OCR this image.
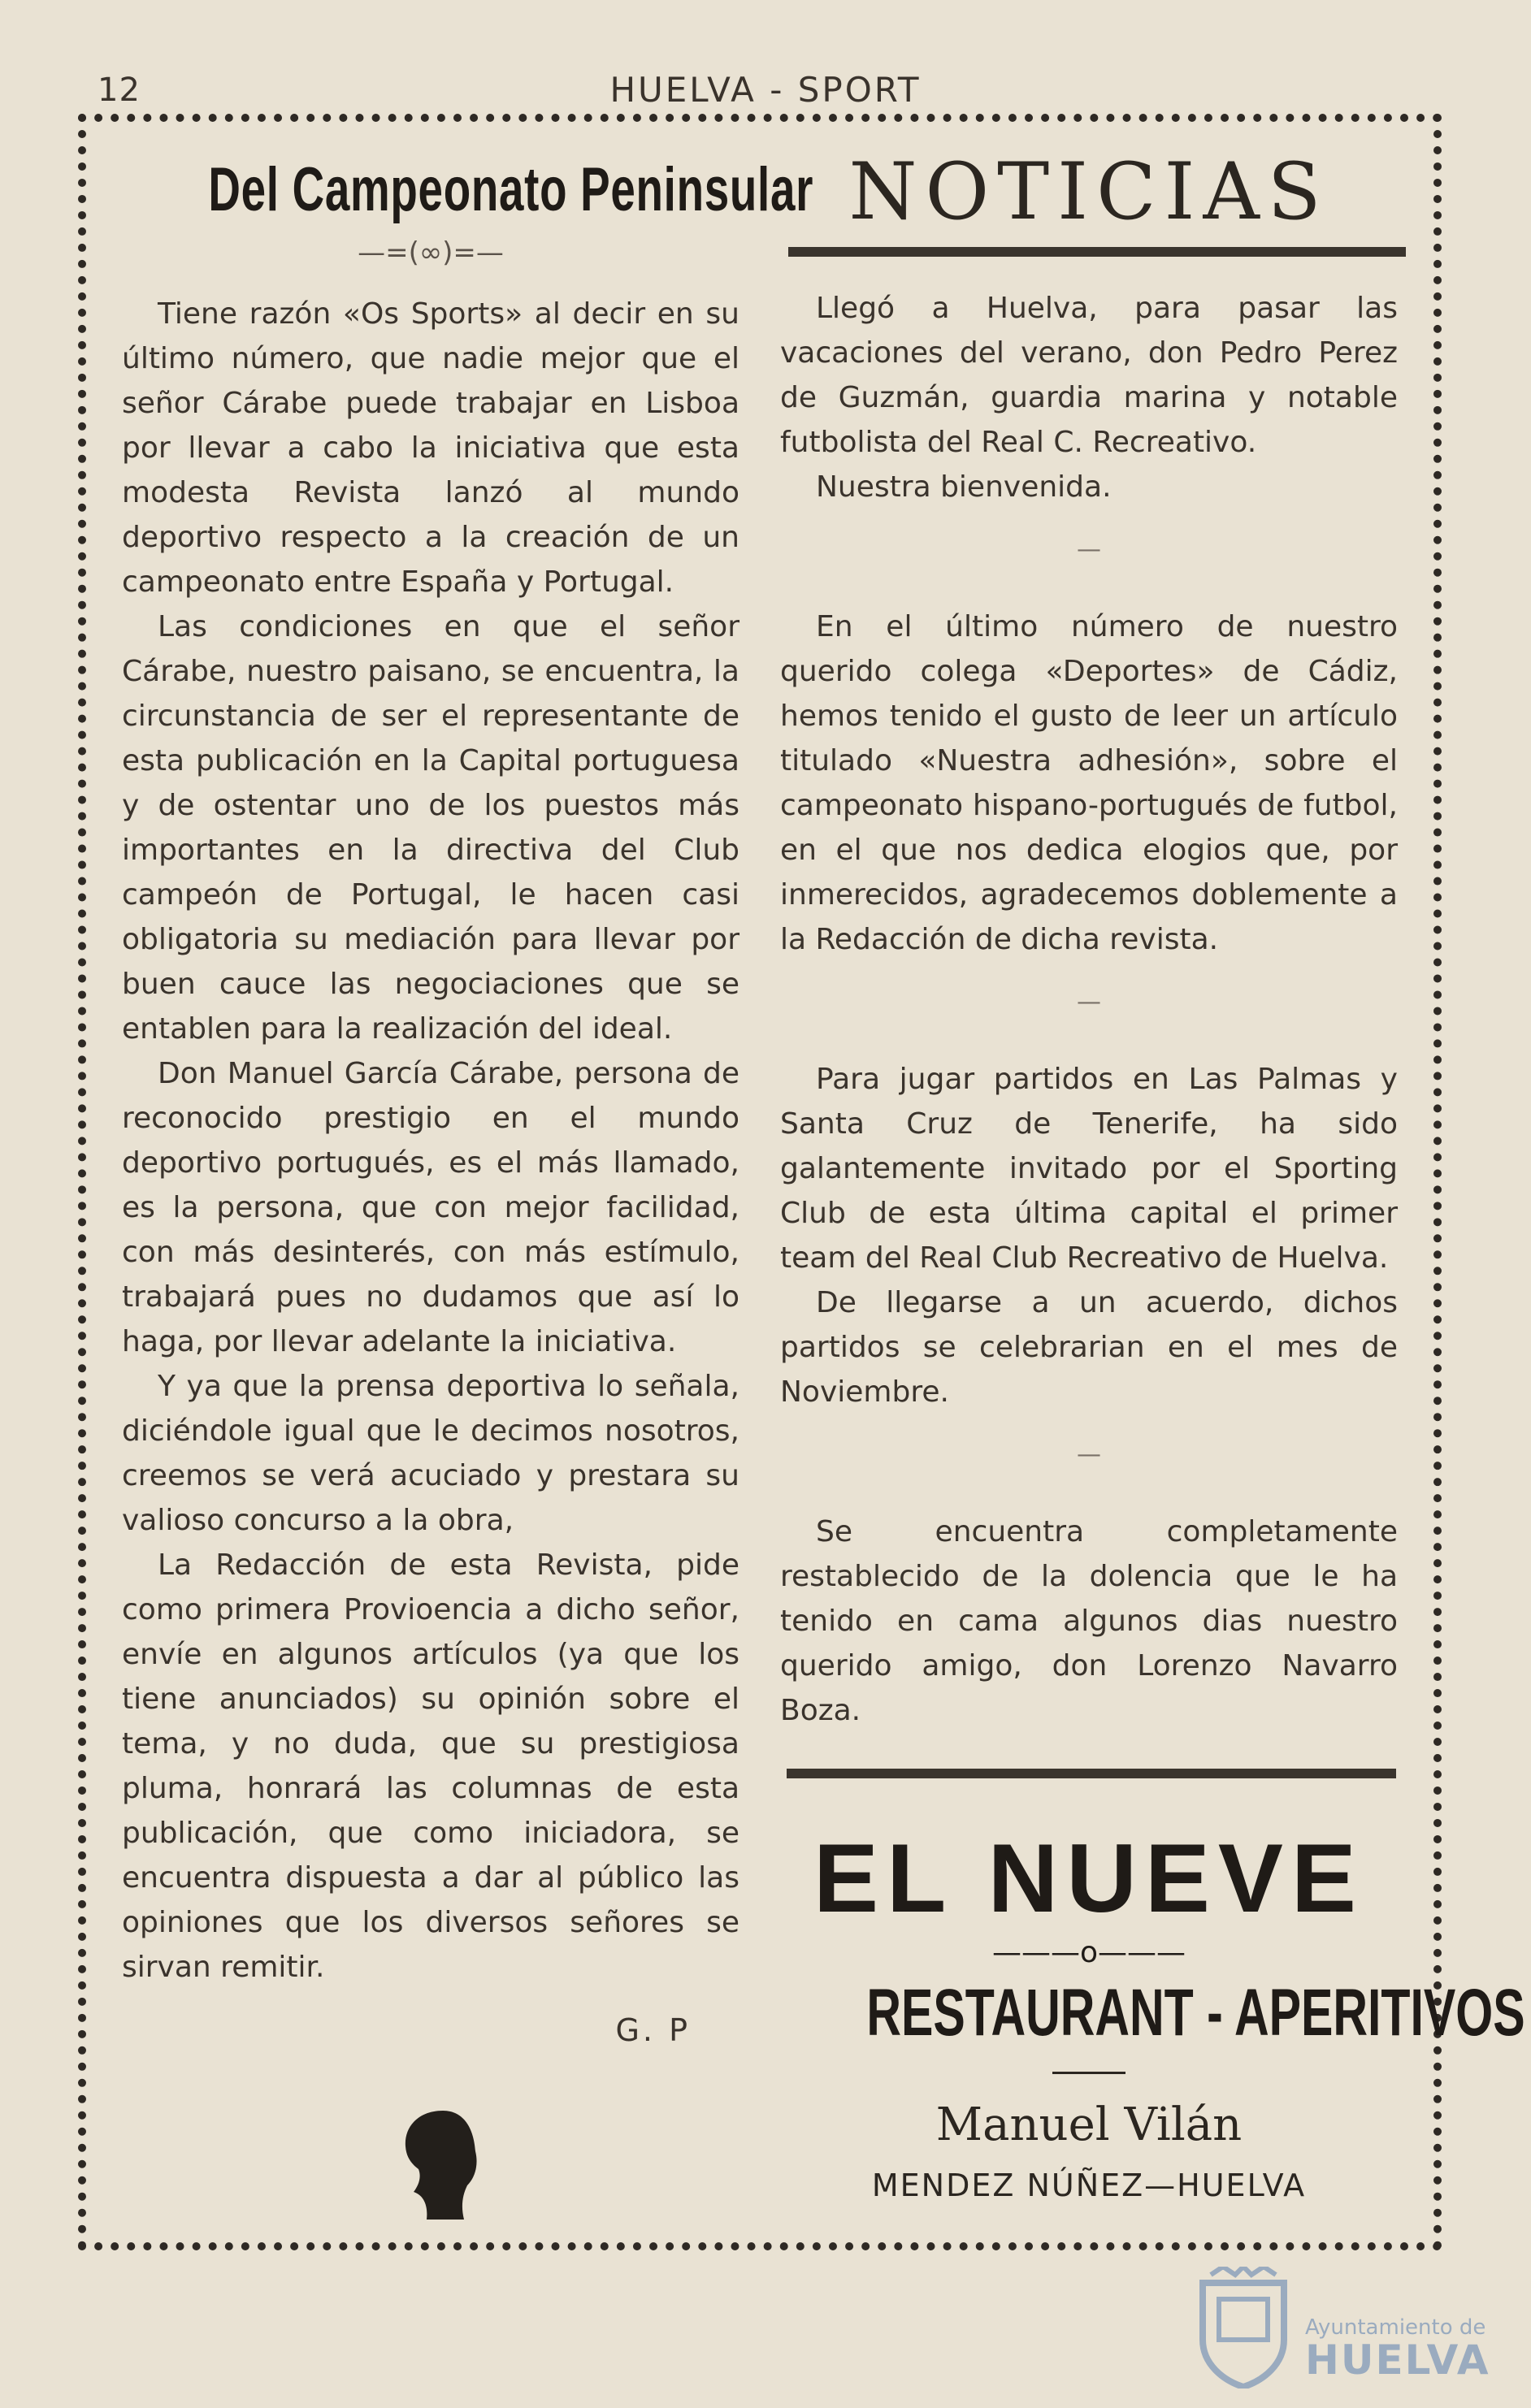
12	HUELVA - SPORT
Del Campeonato Peninsular
—=(∞)=—

Tiene razón «Os Sports» al decir en su último número, que nadie mejor que el señor Cárabe puede trabajar en Lisboa por llevar a cabo la iniciativa que esta modesta Revista lanzó al mundo deportivo respecto a la creación de un campeonato entre España y Portugal.

Las condiciones en que el señor Cárabe, nuestro paisano, se encuentra, la circunstancia de ser el representante de esta publicación en la Capital portuguesa y de ostentar uno de los puestos más importantes en la directiva del Club campeón de Portugal, le hacen casi obligatoria su mediación para llevar por buen cauce las negociaciones que se entablen para la realización del ideal.

Don Manuel García Cárabe, persona de reconocido prestigio en el mundo deportivo portugués, es el más llamado, es la persona, que con mejor facilidad, con más desinterés, con más estímulo, trabajará pues no dudamos que así lo haga, por llevar adelante la iniciativa.

Y ya que la prensa deportiva lo señala, diciéndole igual que le decimos nosotros, creemos se verá acuciado y prestara su valioso concurso a la obra,

La Redacción de esta Revista, pide como primera Provioencia a dicho señor, envíe en algunos artículos (ya que los tiene anunciados) su opinión sobre el tema, y no duda, que su prestigiosa pluma, honrará las columnas de esta publicación, que como iniciadora, se encuentra dispuesta a dar al público las opiniones que los diversos señores se sirvan remitir.

G. P
NOTICIAS

Llegó a Huelva, para pasar las vacaciones del verano, don Pedro Perez de Guzmán, guardia marina y notable futbolista del Real C. Recreativo.

Nuestra bienvenida.

—

En el último número de nuestro querido colega «Deportes» de Cádiz, hemos tenido el gusto de leer un artículo titulado «Nuestra adhesión», sobre el campeonato hispano-portugués de futbol, en el que nos dedica elogios que, por inmerecidos, agradecemos doblemente a la Redacción de dicha revista.

—

Para jugar partidos en Las Palmas y Santa Cruz de Tenerife, ha sido galantemente invitado por el Sporting Club de esta última capital el primer team del Real Club Recreativo de Huelva.

De llegarse a un acuerdo, dichos partidos se celebrarian en el mes de Noviembre.

—

Se encuentra completamente restablecido de la dolencia que le ha tenido en cama algunos dias nuestro querido amigo, don Lorenzo Navarro Boza.

EL NUEVE
———o———
RESTAURANT - APERITIVOS
Manuel Vilán
MENDEZ NÚÑEZ—HUELVA
Ayuntamiento de
HUELVA
